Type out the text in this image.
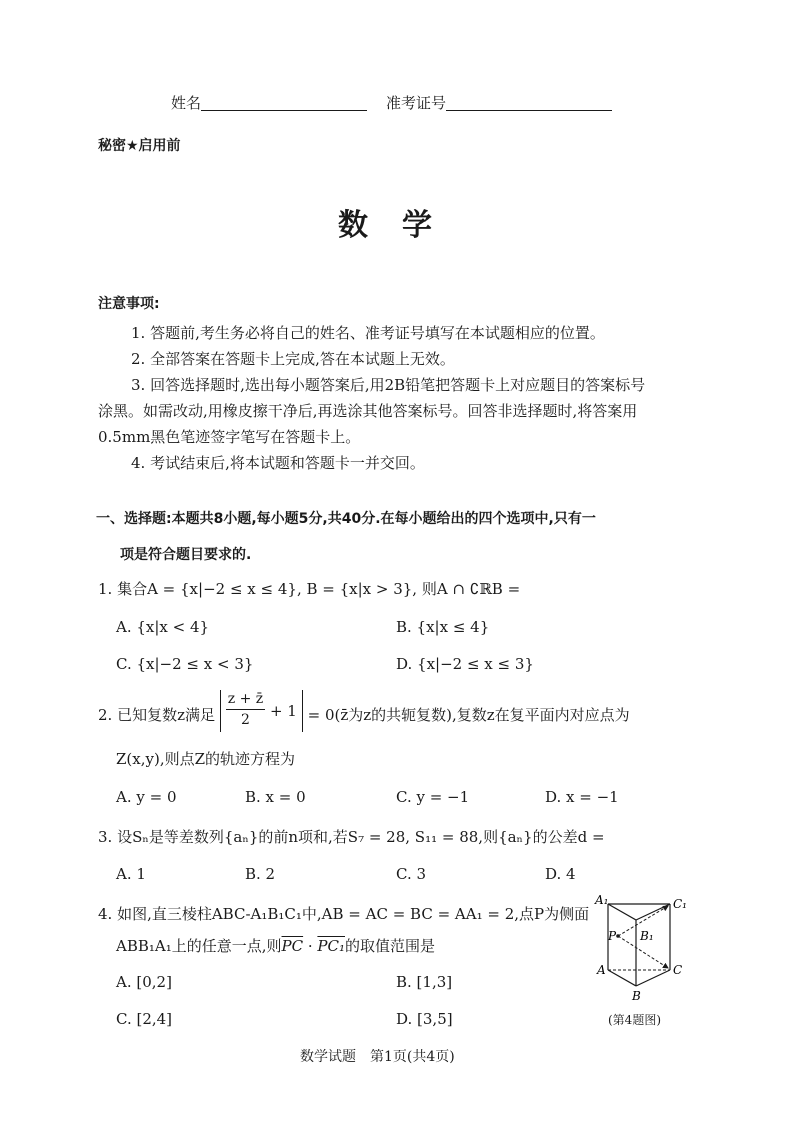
姓名	准考证号
秘密★启用前
数　学
注意事项:
1. 答题前,考生务必将自己的姓名、准考证号填写在本试题相应的位置。
2. 全部答案在答题卡上完成,答在本试题上无效。
3. 回答选择题时,选出每小题答案后,用2B铅笔把答题卡上对应题目的答案标号
涂黑。如需改动,用橡皮擦干净后,再选涂其他答案标号。回答非选择题时,将答案用
0.5mm黑色笔迹签字笔写在答题卡上。
4. 考试结束后,将本试题和答题卡一并交回。
一、选择题:本题共8小题,每小题5分,共40分.在每小题给出的四个选项中,只有一
项是符合题目要求的.
1. 集合A = {x|−2 ≤ x ≤ 4}, B = {x|x > 3}, 则A ∩ ∁ℝB =
A. {x|x < 4}	B. {x|x ≤ 4}
C. {x|−2 ≤ x < 3}	D. {x|−2 ≤ x ≤ 3}
2. 已知复数z满足 $\frac{z + z̄}{2} + 1$ = 0(z̄为z的共轭复数),复数z在复平面内对应点为
Z(x,y),则点Z的轨迹方程为
A. y = 0	B. x = 0	C. y = −1	D. x = −1
3. 设Sₙ是等差数列{aₙ}的前n项和,若S₇ = 28, S₁₁ = 88,则{aₙ}的公差d =
A. 1	B. 2	C. 3	D. 4
4. 如图,直三棱柱ABC-A₁B₁C₁中,AB = AC = BC = AA₁ = 2,点P为侧面
ABB₁A₁上的任意一点,则$\overline{PC} \cdot PC_1$的取值范围是
A. [0,2]	B. [1,3]
C. [2,4]	D. [3,5]
A₁	C₁
P B₁
A	C
B
(第4题图)
数学试题　第1页(共4页)
